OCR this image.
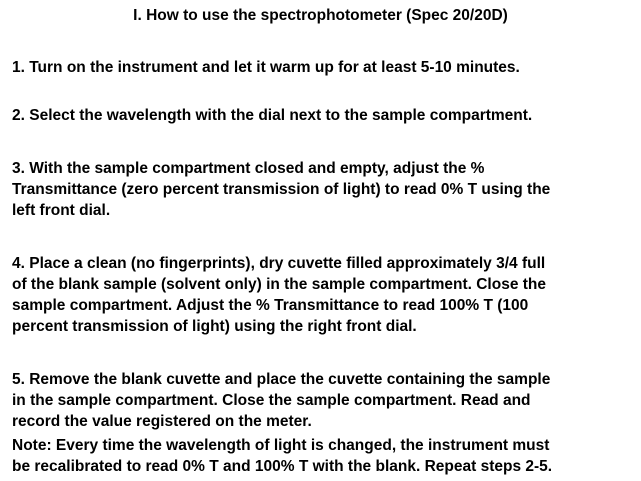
I. How to use the spectrophotometer (Spec 20/20D)

1. Turn on the instrument and let it warm up for at least 5-10 minutes.

2. Select the wavelength with the dial next to the sample compartment.

3. With the sample compartment closed and empty, adjust the %
Transmittance (zero percent transmission of light) to read 0% T using the
left front dial.

4. Place a clean (no fingerprints), dry cuvette filled approximately 3/4 full
of the blank sample (solvent only) in the sample compartment. Close the
sample compartment. Adjust the % Transmittance to read 100% T (100
percent transmission of light) using the right front dial.

5. Remove the blank cuvette and place the cuvette containing the sample
in the sample compartment. Close the sample compartment. Read and
record the value registered on the meter.

Note: Every time the wavelength of light is changed, the instrument must
be recalibrated to read 0% T and 100% T with the blank. Repeat steps 2-5.
